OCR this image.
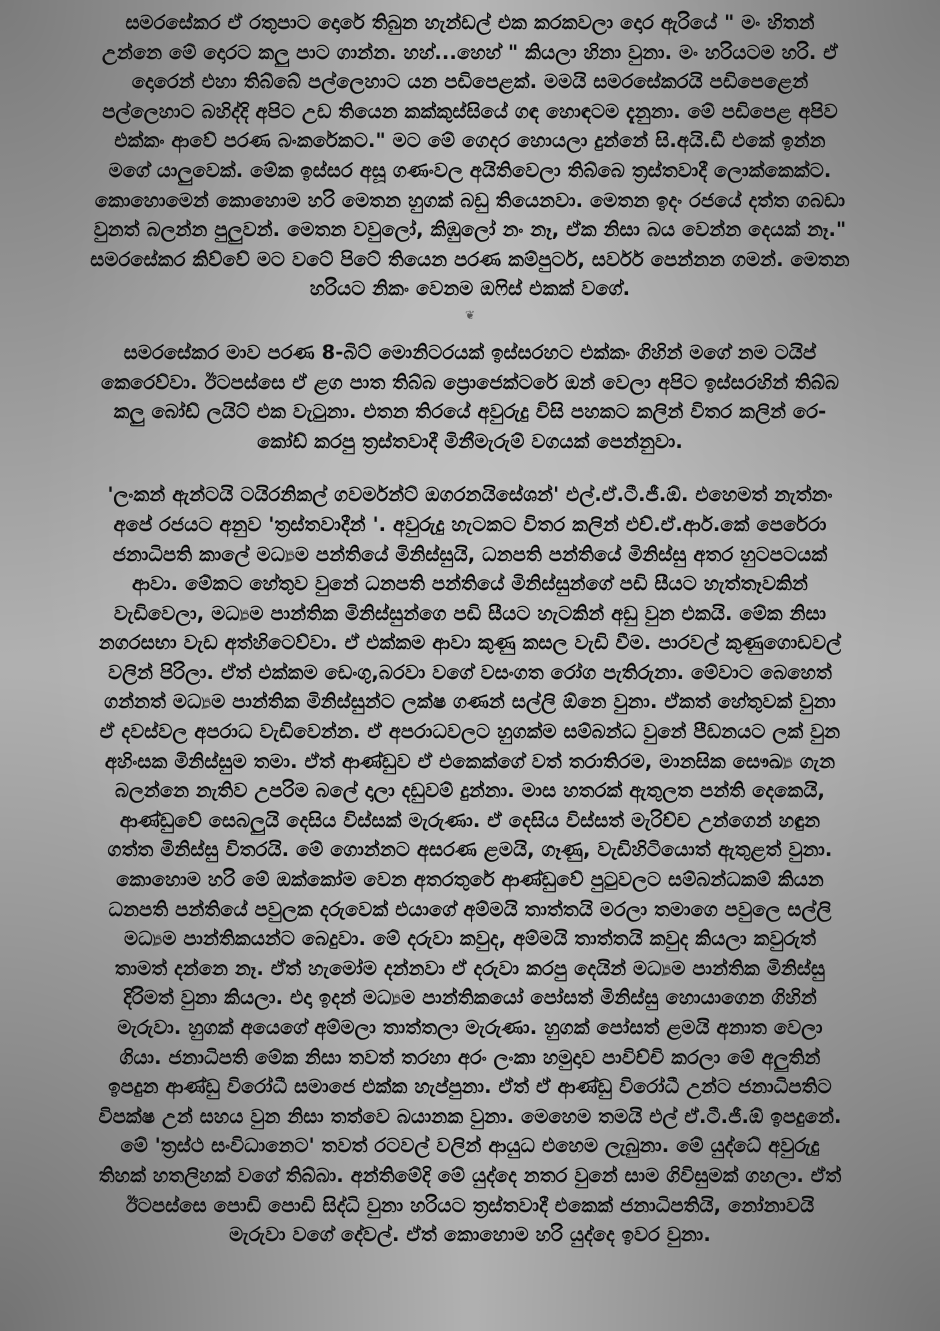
සමරසේකර ඒ රතුපාට දොරේ තිබුන හැන්ඩල් එක කරකවලා දොර ඇරියේ " මං හිතන්
උන්නෙ මේ දොරට කලු පාට ගාන්න. හහ්...හෙහ් " කියලා හිනා වුනා. මං හරියටම හරි. ඒ
දොරෙන් එහා තිබ්බේ පල්ලෙහාට යන පඩිපෙළක්. මමයි සමරසේකරයි පඩිපෙළෙන්
පල්ලෙහාට බහිද්දි අපිට උඩ තියෙන කක්කුස්සියේ ගඳ හොඳටම දැනුනා. මේ පඩිපෙළ අපිව
එක්කං ආවේ පරණ බංකරේකට." මට මේ ගෙදර හොයලා දුන්නේ සි.අයි.ඩී එකේ ඉන්න
මගේ යාලුවෙක්. මේක ඉස්සර අසූ ගණංවල අයිතිවෙලා තිබ්බෙ ත්‍රස්තවාදී ලොක්කෙක්ට.
කොහොමෙන් කොහොම හරි මෙතන හුගක් බඩු තියෙනවා. මෙතන ඉදං රජයේ දත්ත ගබඩා
වුනත් බලන්න පුලුවන්. මෙතන වවුලෝ, කිඹුලෝ නං නෑ, ඒක නිසා බය වෙන්න දෙයක් නෑ."
සමරසේකර කිව්වේ මට වටේ පිටේ තියෙන පරණ කම්පුටර්, සර්වර් පෙන්නන ගමන්. මෙතන
හරියට නිකං වෙනම ඔෆිස් එකක් වගේ.

❦

සමරසේකර මාව පරණ 8-බිට් මොනිටරයක් ඉස්සරහට එක්කං ගිහින් මගේ නම ටයිප්
කෙරෙව්වා. ඊටපස්සෙ ඒ ළග පාත තිබ්බ ප්‍රොජෙක්ටරේ ඔන් වෙලා අපිට ඉස්සරහින් තිබ්බ
කලු බෝඩ් ලයිට් එක වැටුනා. එතන තිරයේ අවුරුදු විසි පහකට කලින් විතර කලින් රෙ-
කෝඩ් කරපු ත්‍රස්තවාදී මිනීමැරුම් වගයක් පෙන්නුවා.

'ලංකන් ඇන්ටයි ටයිරනිකල් ගවර්මන්ට් ඔගරනයිසේශන්' එල්.ඒ.ටී.ජී.ඕ. එහෙමත් නැත්නං
අපේ රජයට අනුව 'ත්‍රස්තවාදීන් '. අවුරුදු හැටකට විතර කලින් එච්.ඒ.ආර්.කේ පෙරේරා
ජනාධිපති කාලේ මධ්‍යම පන්තියේ මිනිස්සුයි, ධනපති පන්තියේ මිනිස්සු අතර හුටපටයක්
ආවා. මේකට හේතුව වුනේ ධනපති පන්තියේ මිනිස්සුන්ගේ පඩි සීයට හැත්තෑවකින්
වැඩිවෙලා, මධ්‍යම පාන්තික මිනිස්සුන්ගෙ පඩි සීයට හැටකින් අඩු වුන එකයි. මේක නිසා
නගරසභා වැඩ අත්හිටෙව්වා. ඒ එක්කම ආවා කුණු කසල වැඩි වීම. පාරවල් කුණුගොඩවල්
වලින් පිරිලා. ඒත් එක්කම ඩෙංගු,බරවා වගේ වසංගත රෝග පැතිරුනා. මේවාට බෙහෙත්
ගන්නත් මධ්‍යම පාන්තික මිනිස්සුන්ට ලක්ෂ ගණන් සල්ලි ඕනෙ වුනා. ඒකත් හේතුවක් වුනා
ඒ දවස්වල අපරාධ වැඩිවෙන්න. ඒ අපරාධවලට හුගක්ම සම්බන්ධ වුනේ පීඩනයට ලක් වුන
අහිංසක මිනිස්සුම තමා. ඒත් ආණ්ඩුව ඒ එකෙක්ගේ වත් තරාතිරම, මානසික සෞඛ්‍ය ගැන
බලන්නෙ නැතිව උපරිම බලේ දාලා දඩුවම් දුන්නා. මාස හතරක් ඇතුලත පන්ති දෙකෙයි,
ආණ්ඩුවේ සෙබලුයි දෙසිය විස්සක් මැරුණා. ඒ දෙසිය විස්සත් මැරිච්ච උන්ගෙන් හඳුන
ගත්ත මිනිස්සු විතරයි. මේ ගොන්නට අසරණ ළමයි, ගෑණු, වැඩිහිටියොත් ඇතුළත් වුනා.
කොහොම හරි මේ ඔක්කෝම වෙන අතරතුරේ ආණ්ඩුවේ පුටුවලට සම්බන්ධකම් කියන
ධනපති පන්තියේ පවුලක දරුවෙක් එයාගේ අම්මයි තාත්තයි මරලා තමාගෙ පවුලෙ සල්ලි
මධ්‍යම පාන්තිකයන්ට බෙදුවා. මේ දරුවා කවුද, අම්මයි තාත්තයි කවුද කියලා කවුරුත්
තාමත් දන්නෙ නෑ. ඒත් හැමෝම දන්නවා ඒ දරුවා කරපු දෙයින් මධ්‍යම පාන්තික මිනිස්සු
දිරිමත් වුනා කියලා. එදා ඉදන් මධ්‍යම පාන්තිකයෝ පෝසත් මිනිස්සු හොයාගෙන ගිහින්
මැරුවා. හුගක් අයෙගේ අම්මලා තාත්තලා මැරුණා. හුගක් පෝසත් ළමයි අනාත වෙලා
ගියා. ජනාධිපති මේක නිසා තවත් තරහා අරං ලංකා හමුදාව පාවිච්චි කරලා මේ අලුතින්
ඉපදුන ආණ්ඩු විරෝධී සමාජෙ එක්ක හැප්පුනා. ඒත් ඒ ආණ්ඩු විරෝධී උන්ට ජනාධිපතිට
විපක්ෂ උන් සහය වුන නිසා තත්වෙ බයානක වුනා. මෙහෙම තමයි එල් ඒ.ටී.ජී.ඕ ඉපදුනේ.
මේ 'ත්‍රස්ථ සංවිධානෙට' තවත් රටවල් වලින් ආයුධ එහෙම ලැබුනා. මේ යුද්ධේ අවුරුදු
තිහක් හතලිහක් වගේ තිබ්බා. අන්තිමේදි මේ යුද්දෙ නතර වුනේ සාම ගිවිසුමක් ගහලා. ඒත්
ඊටපස්සෙ පොඩි පොඩි සිද්ධි වුනා හරියට ත්‍රස්තවාදී එකෙක් ජනාධිපතියි, නෝනාවයි
මැරුවා වගේ දේවල්. ඒත් කොහොම හරි යුද්දෙ ඉවර වුනා.
